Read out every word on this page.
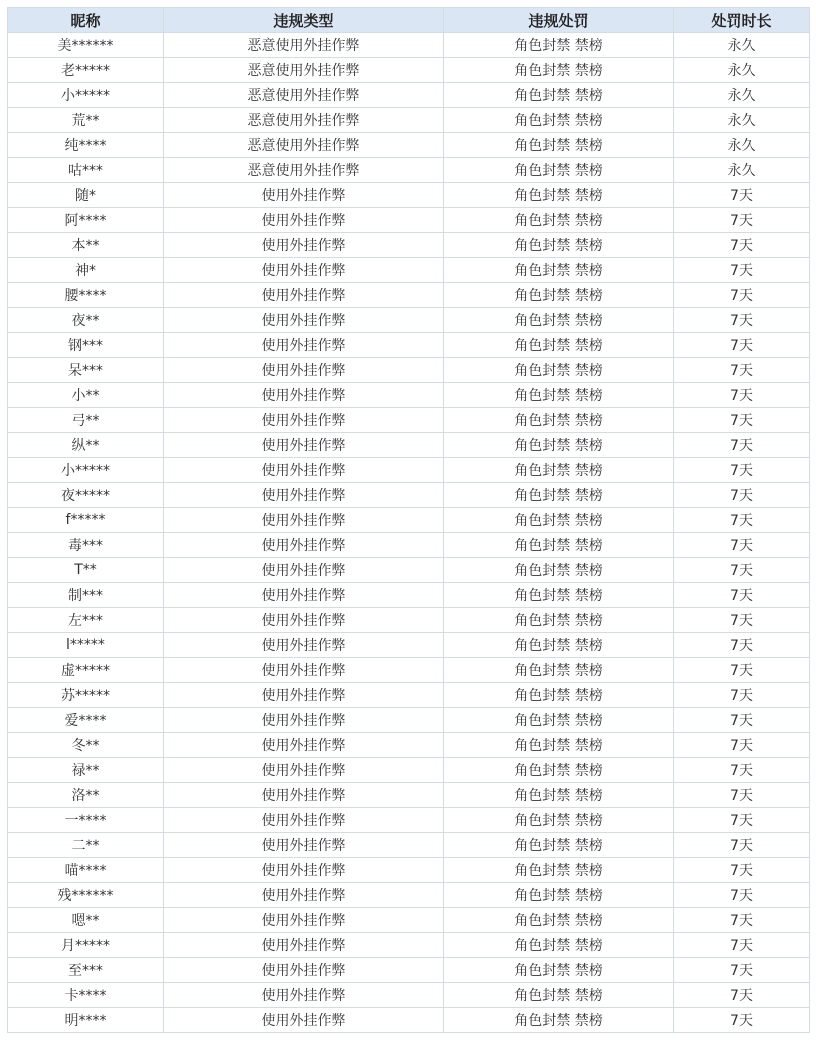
昵称	违规类型	违规处罚	处罚时长
美******	恶意使用外挂作弊	角色封禁 禁榜	永久
老*****	恶意使用外挂作弊	角色封禁 禁榜	永久
小*****	恶意使用外挂作弊	角色封禁 禁榜	永久
荒**	恶意使用外挂作弊	角色封禁 禁榜	永久
纯****	恶意使用外挂作弊	角色封禁 禁榜	永久
咕***	恶意使用外挂作弊	角色封禁 禁榜	永久
随*	使用外挂作弊	角色封禁 禁榜	7天
阿****	使用外挂作弊	角色封禁 禁榜	7天
本**	使用外挂作弊	角色封禁 禁榜	7天
神*	使用外挂作弊	角色封禁 禁榜	7天
腰****	使用外挂作弊	角色封禁 禁榜	7天
夜**	使用外挂作弊	角色封禁 禁榜	7天
钢***	使用外挂作弊	角色封禁 禁榜	7天
呆***	使用外挂作弊	角色封禁 禁榜	7天
小**	使用外挂作弊	角色封禁 禁榜	7天
弓**	使用外挂作弊	角色封禁 禁榜	7天
纵**	使用外挂作弊	角色封禁 禁榜	7天
小*****	使用外挂作弊	角色封禁 禁榜	7天
夜*****	使用外挂作弊	角色封禁 禁榜	7天
f*****	使用外挂作弊	角色封禁 禁榜	7天
毒***	使用外挂作弊	角色封禁 禁榜	7天
T**	使用外挂作弊	角色封禁 禁榜	7天
制***	使用外挂作弊	角色封禁 禁榜	7天
左***	使用外挂作弊	角色封禁 禁榜	7天
l*****	使用外挂作弊	角色封禁 禁榜	7天
虚*****	使用外挂作弊	角色封禁 禁榜	7天
苏*****	使用外挂作弊	角色封禁 禁榜	7天
爱****	使用外挂作弊	角色封禁 禁榜	7天
冬**	使用外挂作弊	角色封禁 禁榜	7天
禄**	使用外挂作弊	角色封禁 禁榜	7天
洛**	使用外挂作弊	角色封禁 禁榜	7天
一****	使用外挂作弊	角色封禁 禁榜	7天
二**	使用外挂作弊	角色封禁 禁榜	7天
喵****	使用外挂作弊	角色封禁 禁榜	7天
残******	使用外挂作弊	角色封禁 禁榜	7天
嗯**	使用外挂作弊	角色封禁 禁榜	7天
月*****	使用外挂作弊	角色封禁 禁榜	7天
至***	使用外挂作弊	角色封禁 禁榜	7天
卡****	使用外挂作弊	角色封禁 禁榜	7天
明****	使用外挂作弊	角色封禁 禁榜	7天
